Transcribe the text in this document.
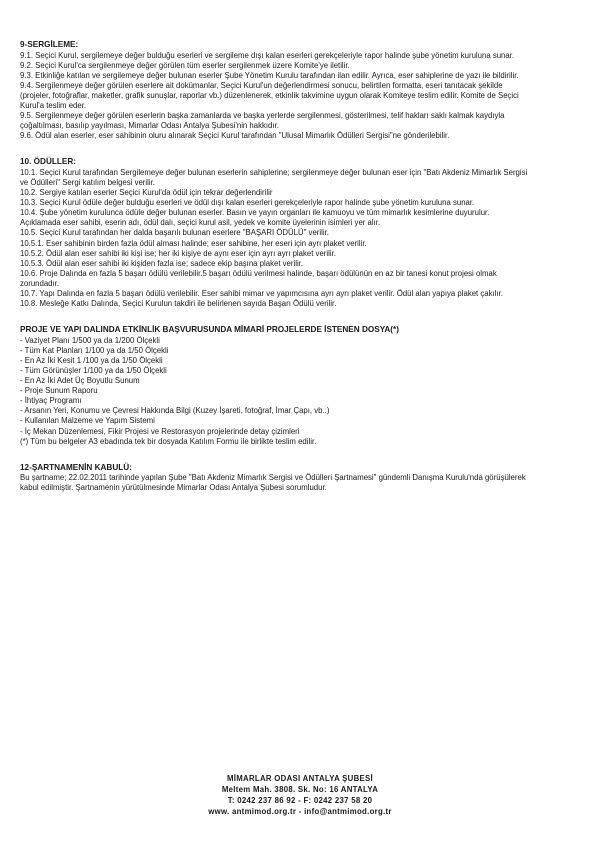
9-SERGİLEME:

9.1. Seçici Kurul, sergilemeye değer bulduğu eserleri ve sergileme dışı kalan eserleri gerekçeleriyle rapor halinde şube yönetim kuruluna sunar.

9.2. Seçici Kurul'ca sergilenmeye değer görülen tüm eserler sergilenmek üzere Komite'ye iletilir.

9.3. Etkinliğe katılan ve sergilemeye değer bulunan eserler Şube Yönetim Kurulu tarafından ilan edilir. Ayrıca, eser sahiplerine de yazı ile bildirilir.

9.4. Sergilenmeye değer görülen eserlere ait dokümanlar, Seçici Kurul'un değerlendirmesi sonucu, belirtilen formatta, eseri tanıtacak şekilde
(projeler, fotoğraflar, maketler, grafik sunuşlar, raporlar vb.) düzenlenerek, etkinlik takvimine uygun olarak Komiteye teslim edilir. Komite de Seçici
Kurul'a teslim eder.

9.5. Sergilenmeye değer görülen eserlerin başka zamanlarda ve başka yerlerde sergilenmesi, gösterilmesi, telif hakları saklı kalmak kaydıyla
çoğaltılması, basılıp yayılması, Mimarlar Odası Antalya Şubesi'nin hakkıdır.

9.6. Ödül alan eserler, eser sahibinin oluru alınarak Seçici Kurul tarafından "Ulusal Mimarlık Ödülleri Sergisi"ne gönderilebilir.

10. ÖDÜLLER:

10.1. Seçici Kurul tarafından Sergilemeye değer bulunan eserlerin sahiplerine; sergilenmeye değer bulunan eser için "Batı Akdeniz Mimarlık Sergisi
ve Ödülleri" Sergi katılım belgesi verilir.

10.2. Sergiye katılan eserler Seçici Kurul'da ödül için tekrar değerlendirilir

10.3. Seçici Kurul ödüle değer bulduğu eserleri ve ödül dışı kalan eserleri gerekçeleriyle rapor halinde şube yönetim kuruluna sunar.

10.4. Şube yönetim kurulunca ödüle değer bulunan eserler. Basın ve yayın organları ile kamuoyu ve tüm mimarlık kesimlerine duyurulur.
Açıklamada eser sahibi, eserin adı, ödül dalı, seçici kurul asil, yedek ve komite üyelerinin isimleri yer alır.

10.5. Seçici Kurul tarafından her dalda başarılı bulunan eserlere "BAŞARI ÖDÜLÜ" verilir.

10.5.1. Eser sahibinin birden fazla ödül alması halinde; eser sahibine, her eseri için ayrı plaket verilir.

10.5.2. Ödül alan eser sahibi iki kişi ise; her iki kişiye de aynı eser için ayrı ayrı plaket verilir.

10.5.3. Ödül alan eser sahibi iki kişiden fazla ise; sadece ekip başına plaket verilir.

10.6. Proje Dalında en fazla 5 başarı ödülü verilebilir.5 başarı ödülü verilmesi halinde, başarı ödülünün en az bir tanesi konut projesi olmak
zorundadır.

10.7. Yapı Dalında en fazla 5 başarı ödülü verilebilir. Eser sahibi mimar ve yapımcısına ayrı ayrı plaket verilir. Ödül alan yapıya plaket çakılır.

10.8. Mesleğe Katkı Dalında, Seçici Kurulun takdiri ile belirlenen sayıda Başarı Ödülü verilir.

PROJE VE YAPI DALINDA ETKİNLİK BAŞVURUSUNDA MİMARİ PROJELERDE İSTENEN DOSYA(*)

- Vaziyet Planı 1/500 ya da 1/200 Ölçekli

- Tüm Kat Planları 1/100 ya da 1/50 Ölçekli

- En Az İki Kesit 1 /100 ya da 1/50 Ölçekli

- Tüm Görünüşler 1/100 ya da 1/50 Ölçekli

- En Az İki Adet Üç Boyutlu Sunum

- Proje Sunum Raporu

- İhtiyaç Programı

- Arsanın Yeri, Konumu ve Çevresi Hakkında Bilgi (Kuzey İşareti, fotoğraf, İmar Çapı, vb..)

- Kullanılan Malzeme ve Yapım Sistemi

- İç Mekan Düzenlemesi, Fikir Projesi ve Restorasyon projelerinde detay çizimleri

(*) Tüm bu belgeler A3 ebadında tek bir dosyada Katılım Formu ile birlikte teslim edilir.

12-ŞARTNAMENİN KABULÜ:

Bu şartname; 22.02.2011 tarihinde yapılan Şube "Batı Akdeniz Mimarlık Sergisi ve Ödülleri Şartnamesi" gündemli Danışma Kurulu'nda görüşülerek
kabul edilmiştir. Şartnamenin yürütülmesinde Mimarlar Odası Antalya Şubesi sorumludur.

MİMARLAR ODASI ANTALYA ŞUBESİ
Meltem Mah. 3808. Sk. No: 16 ANTALYA
T: 0242 237 86 92 - F: 0242 237 58 20
www. antmimod.org.tr - info@antmimod.org.tr
